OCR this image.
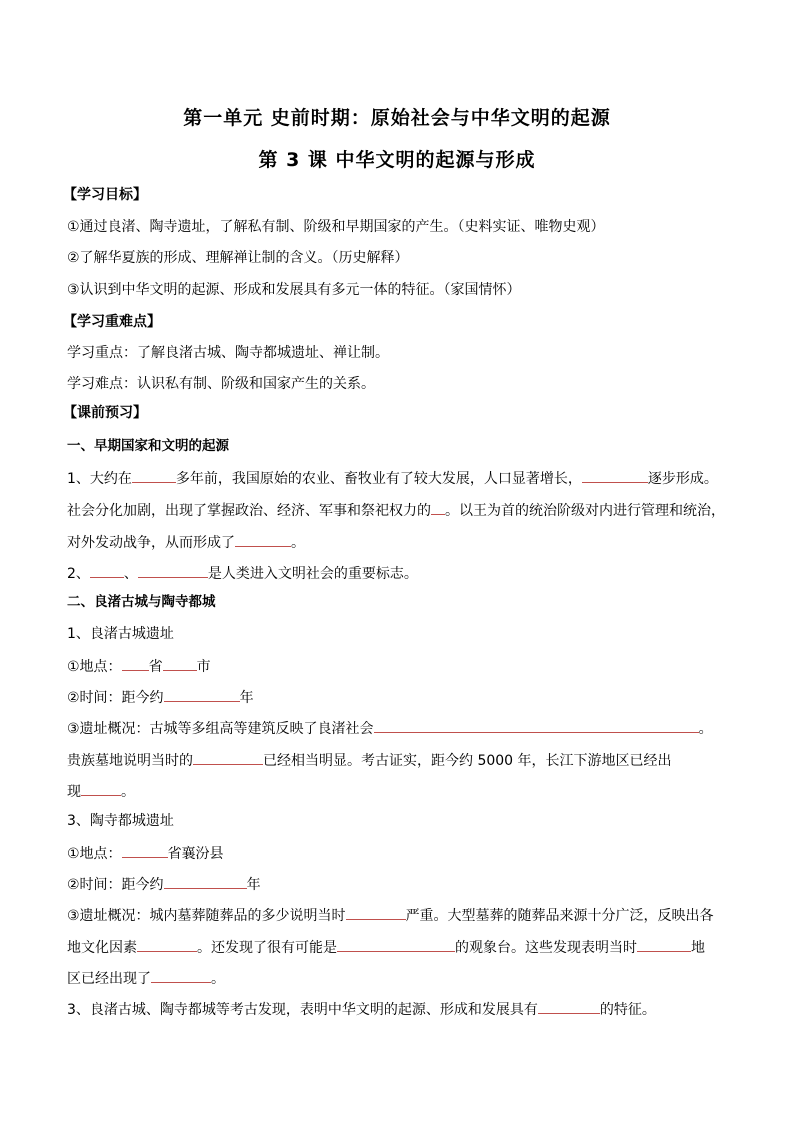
第一单元 史前时期：原始社会与中华文明的起源
第 3 课 中华文明的起源与形成
【学习目标】
①通过良渚、陶寺遗址，了解私有制、阶级和早期国家的产生。（史料实证、唯物史观）
②了解华夏族的形成、理解禅让制的含义。（历史解释）
③认识到中华文明的起源、形成和发展具有多元一体的特征。（家国情怀）
【学习重难点】
学习重点：了解良渚古城、陶寺都城遗址、禅让制。
学习难点：认识私有制、阶级和国家产生的关系。
【课前预习】
一、早期国家和文明的起源
1、大约在	多年前，我国原始的农业、畜牧业有了较大发展，人口显著增长，	逐步形成。
社会分化加剧，出现了掌握政治、经济、军事和祭祀权力的 。以王为首的统治阶级对内进行管理和统治，
对外发动战争，从而形成了	。
2、 、	是人类进入文明社会的重要标志。
二、良渚古城与陶寺都城
1、良渚古城遗址
①地点： 省 市
②时间：距今约	年
③遗址概况：古城等多组高等建筑反映了良渚社会	。
贵族墓地说明当时的	已经相当明显。考古证实，距今约 5000 年，长江下游地区已经出
现	。
3、陶寺都城遗址
①地点：	省襄汾县
②时间：距今约	年
③遗址概况：城内墓葬随葬品的多少说明当时	严重。大型墓葬的随葬品来源十分广泛，反映出各
地文化因素	。还发现了很有可能是	的观象台。这些发现表明当时	地
区已经出现了	。
3、良渚古城、陶寺都城等考古发现，表明中华文明的起源、形成和发展具有	的特征。
